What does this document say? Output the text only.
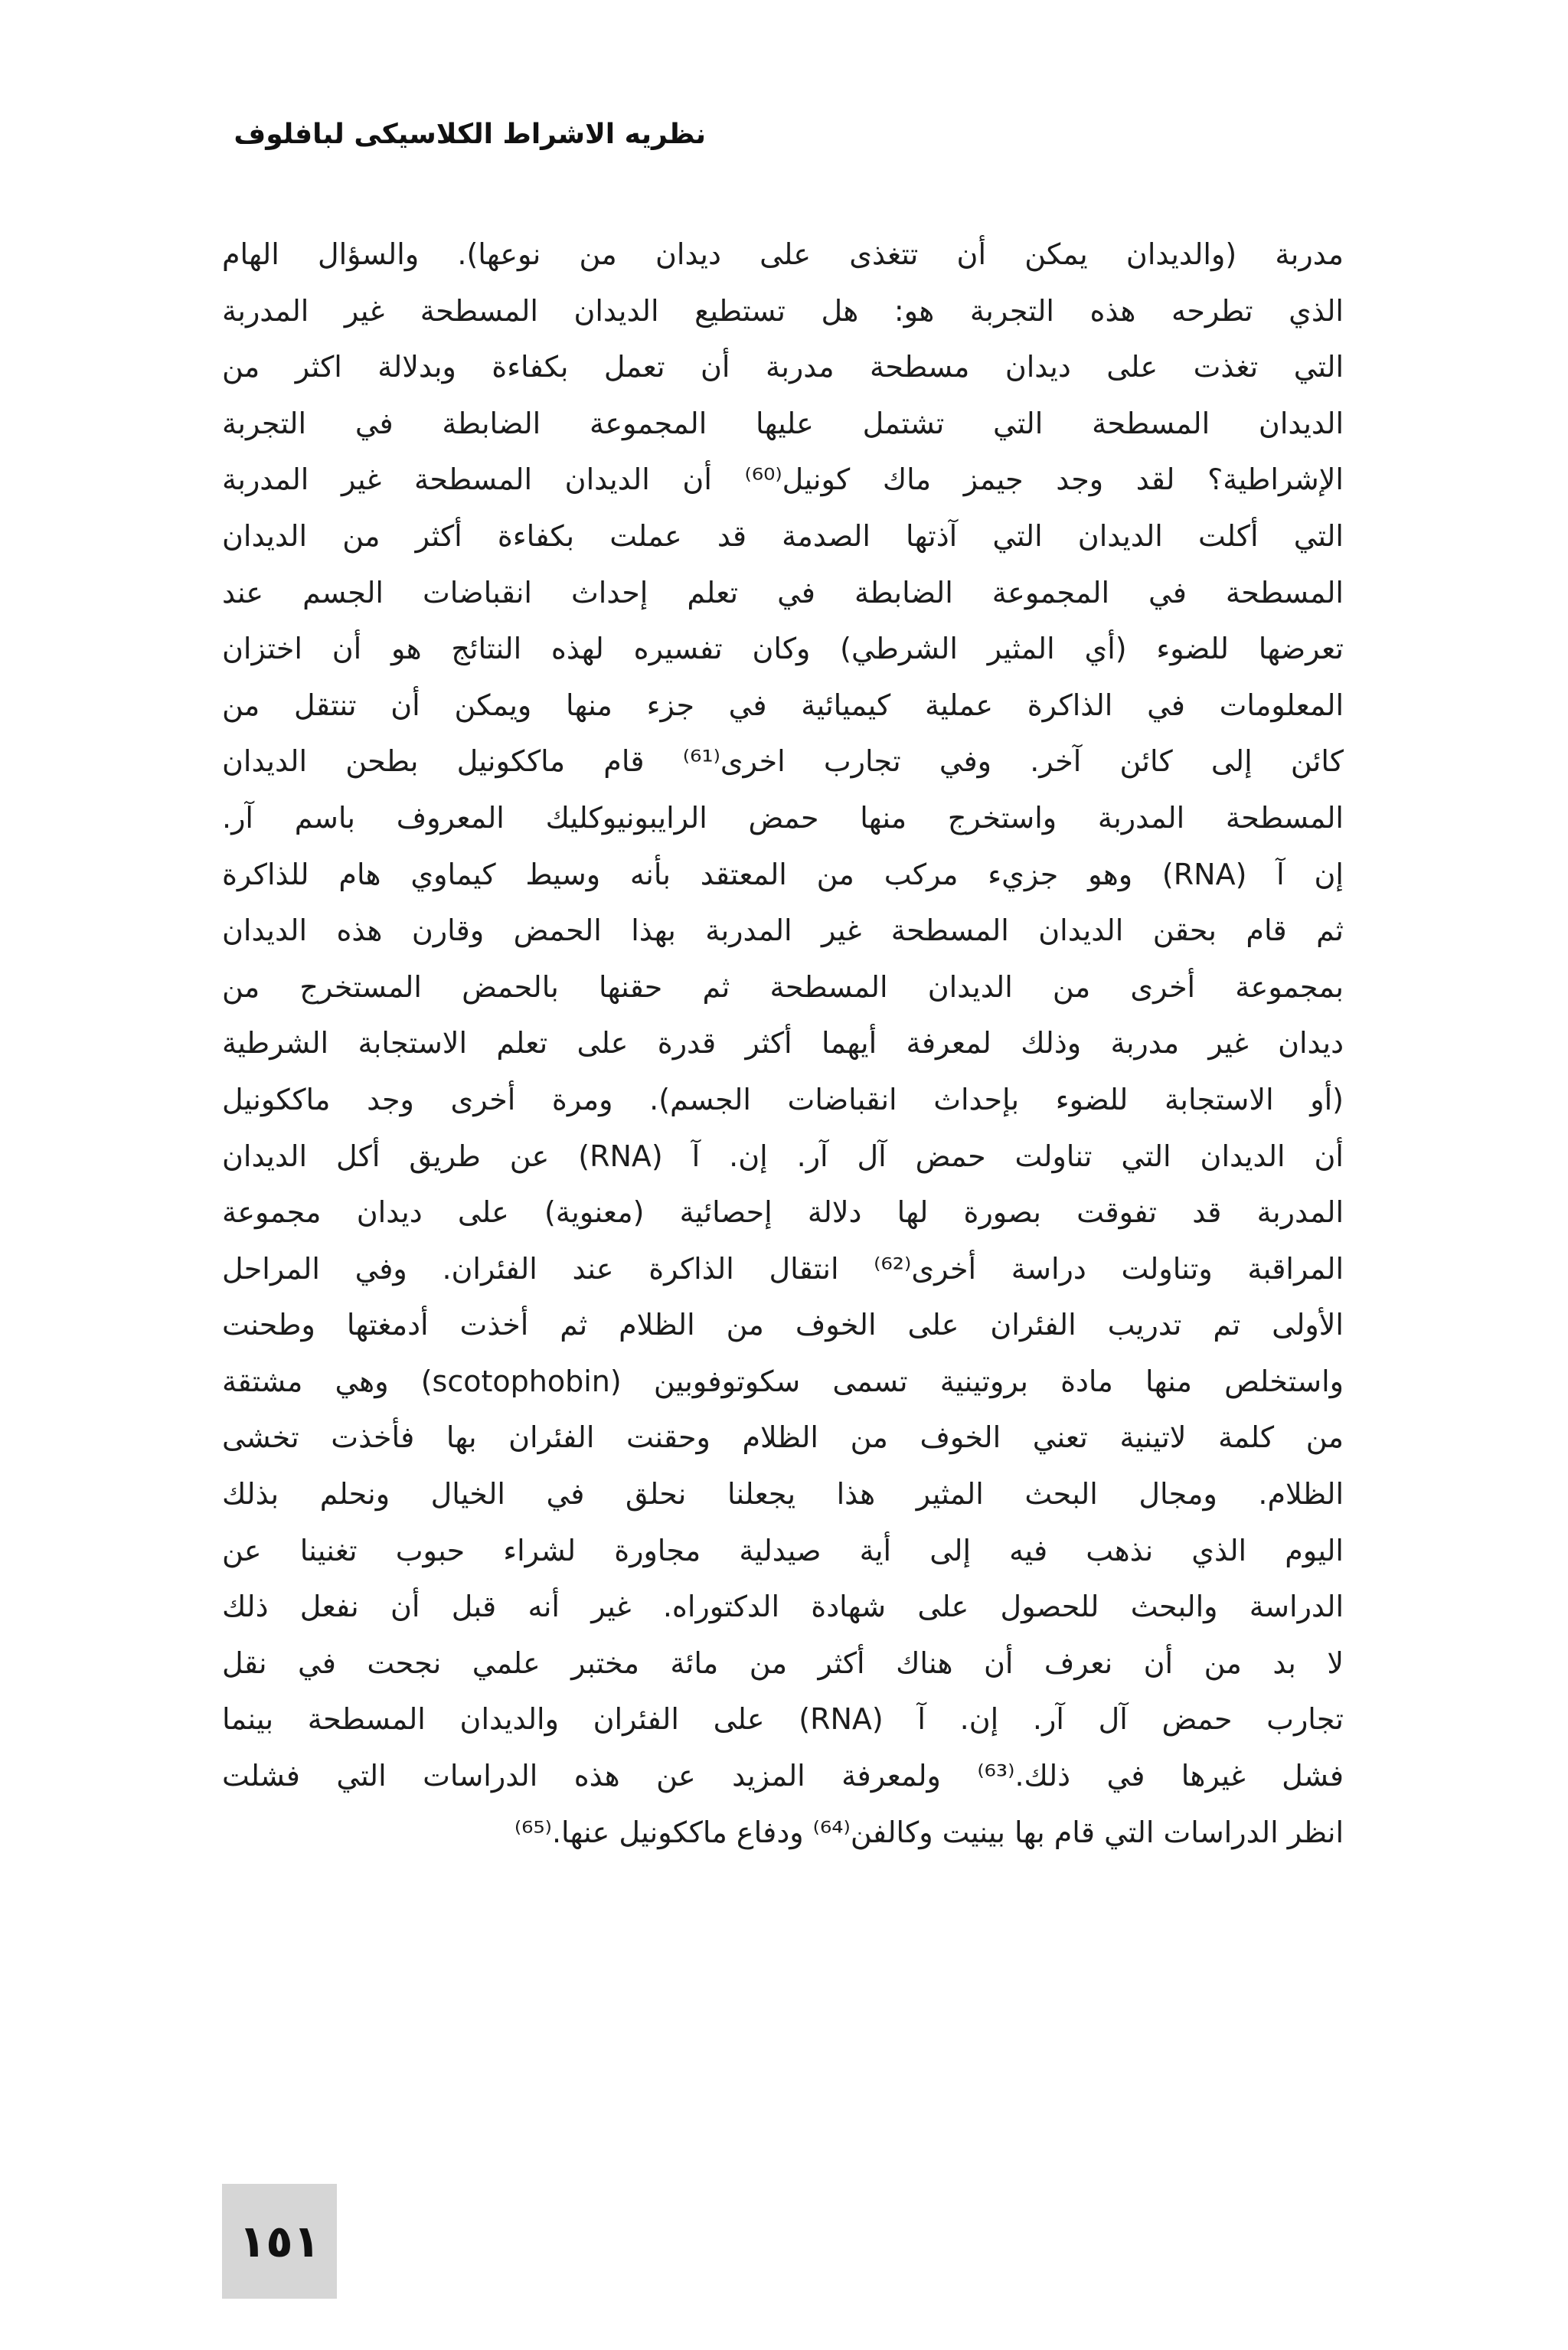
نظريه الاشراط الكلاسيكى لبافلوف
مدربة (والديدان يمكن أن تتغذى على ديدان من نوعها). والسؤال الهام
الذي تطرحه هذه التجربة هو: هل تستطيع الديدان المسطحة غير المدربة
التي تغذت على ديدان مسطحة مدربة أن تعمل بكفاءة وبدلالة اكثر من
الديدان المسطحة التي تشتمل عليها المجموعة الضابطة في التجربة
الإشراطية؟ لقد وجد جيمز ماك كونيل⁽⁶⁰⁾ أن الديدان المسطحة غير المدربة
التي أكلت الديدان التي آذتها الصدمة قد عملت بكفاءة أكثر من الديدان
المسطحة في المجموعة الضابطة في تعلم إحداث انقباضات الجسم عند
تعرضها للضوء (أي المثير الشرطي) وكان تفسيره لهذه النتائج هو أن اختزان
المعلومات في الذاكرة عملية كيميائية في جزء منها ويمكن أن تنتقل من
كائن إلى كائن آخر. وفي تجارب اخرى⁽⁶¹⁾ قام ماككونيل بطحن الديدان
المسطحة المدربة واستخرج منها حمض الرايبونيوكليك المعروف باسم آر.
إن آ (RNA) وهو جزيء مركب من المعتقد بأنه وسيط كيماوي هام للذاكرة
ثم قام بحقن الديدان المسطحة غير المدربة بهذا الحمض وقارن هذه الديدان
بمجموعة أخرى من الديدان المسطحة ثم حقنها بالحمض المستخرج من
ديدان غير مدربة وذلك لمعرفة أيهما أكثر قدرة على تعلم الاستجابة الشرطية
(أو الاستجابة للضوء بإحداث انقباضات الجسم). ومرة أخرى وجد ماككونيل
أن الديدان التي تناولت حمض آل آر. إن. آ (RNA) عن طريق أكل الديدان
المدربة قد تفوقت بصورة لها دلالة إحصائية (معنوية) على ديدان مجموعة
المراقبة وتناولت دراسة أخرى⁽⁶²⁾ انتقال الذاكرة عند الفئران. وفي المراحل
الأولى تم تدريب الفئران على الخوف من الظلام ثم أخذت أدمغتها وطحنت
واستخلص منها مادة بروتينية تسمى سكوتوفوبين (scotophobin) وهي مشتقة
من كلمة لاتينية تعني الخوف من الظلام وحقنت الفئران بها فأخذت تخشى
الظلام. ومجال البحث المثير هذا يجعلنا نحلق في الخيال ونحلم بذلك
اليوم الذي نذهب فيه إلى أية صيدلية مجاورة لشراء حبوب تغنينا عن
الدراسة والبحث للحصول على شهادة الدكتوراه. غير أنه قبل أن نفعل ذلك
لا بد من أن نعرف أن هناك أكثر من مائة مختبر علمي نجحت في نقل
تجارب حمض آل آر. إن. آ (RNA) على الفئران والديدان المسطحة بينما
فشل غيرها في ذلك.⁽⁶³⁾ ولمعرفة المزيد عن هذه الدراسات التي فشلت
انظر الدراسات التي قام بها بينيت وكالفن⁽⁶⁴⁾ ودفاع ماككونيل عنها.⁽⁶⁵⁾
١٥١
